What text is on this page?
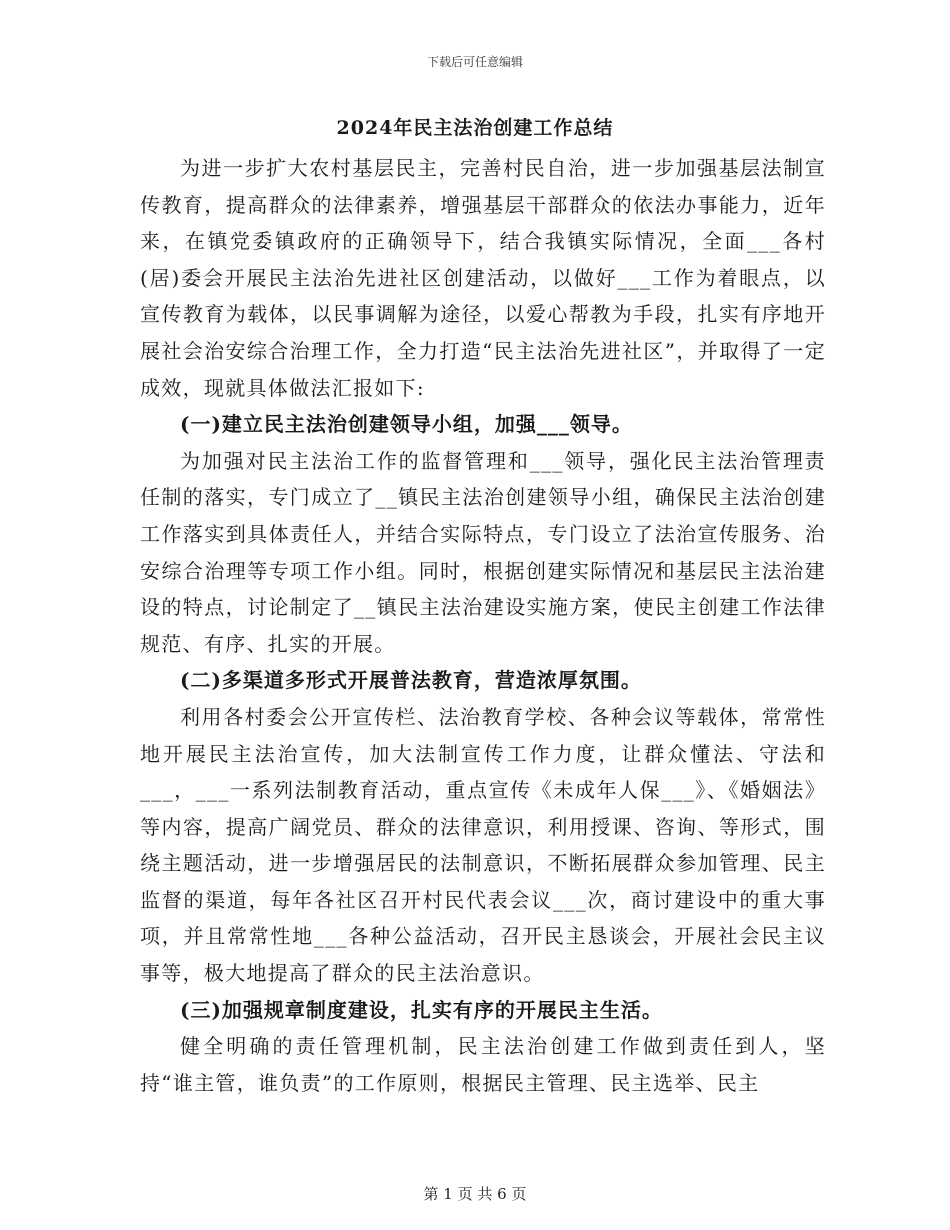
下载后可任意编辑
2024年民主法治创建工作总结

为进一步扩大农村基层民主，完善村民自治，进一步加强基层法制宣传教育，提高群众的法律素养，增强基层干部群众的依法办事能力，近年来，在镇党委镇政府的正确领导下，结合我镇实际情况，全面___各村(居)委会开展民主法治先进社区创建活动，以做好___工作为着眼点，以宣传教育为载体，以民事调解为途径，以爱心帮教为手段，扎实有序地开展社会治安综合治理工作，全力打造“民主法治先进社区”，并取得了一定成效，现就具体做法汇报如下:

(一)建立民主法治创建领导小组，加强___领导。

为加强对民主法治工作的监督管理和___领导，强化民主法治管理责任制的落实，专门成立了__镇民主法治创建领导小组，确保民主法治创建工作落实到具体责任人，并结合实际特点，专门设立了法治宣传服务、治安综合治理等专项工作小组。同时，根据创建实际情况和基层民主法治建设的特点，讨论制定了__镇民主法治建设实施方案，使民主创建工作法律规范、有序、扎实的开展。

(二)多渠道多形式开展普法教育，营造浓厚氛围。

利用各村委会公开宣传栏、法治教育学校、各种会议等载体，常常性地开展民主法治宣传，加大法制宣传工作力度，让群众懂法、守法和___，___一系列法制教育活动，重点宣传《未成年人保___》、《婚姻法》等内容，提高广阔党员、群众的法律意识，利用授课、咨询、等形式，围绕主题活动，进一步增强居民的法制意识，不断拓展群众参加管理、民主监督的渠道，每年各社区召开村民代表会议___次，商讨建设中的重大事项，并且常常性地___各种公益活动，召开民主恳谈会，开展社会民主议事等，极大地提高了群众的民主法治意识。

(三)加强规章制度建设，扎实有序的开展民主生活。

健全明确的责任管理机制，民主法治创建工作做到责任到人，坚持“谁主管，谁负责”的工作原则，根据民主管理、民主选举、民主

第 1 页 共 6 页
